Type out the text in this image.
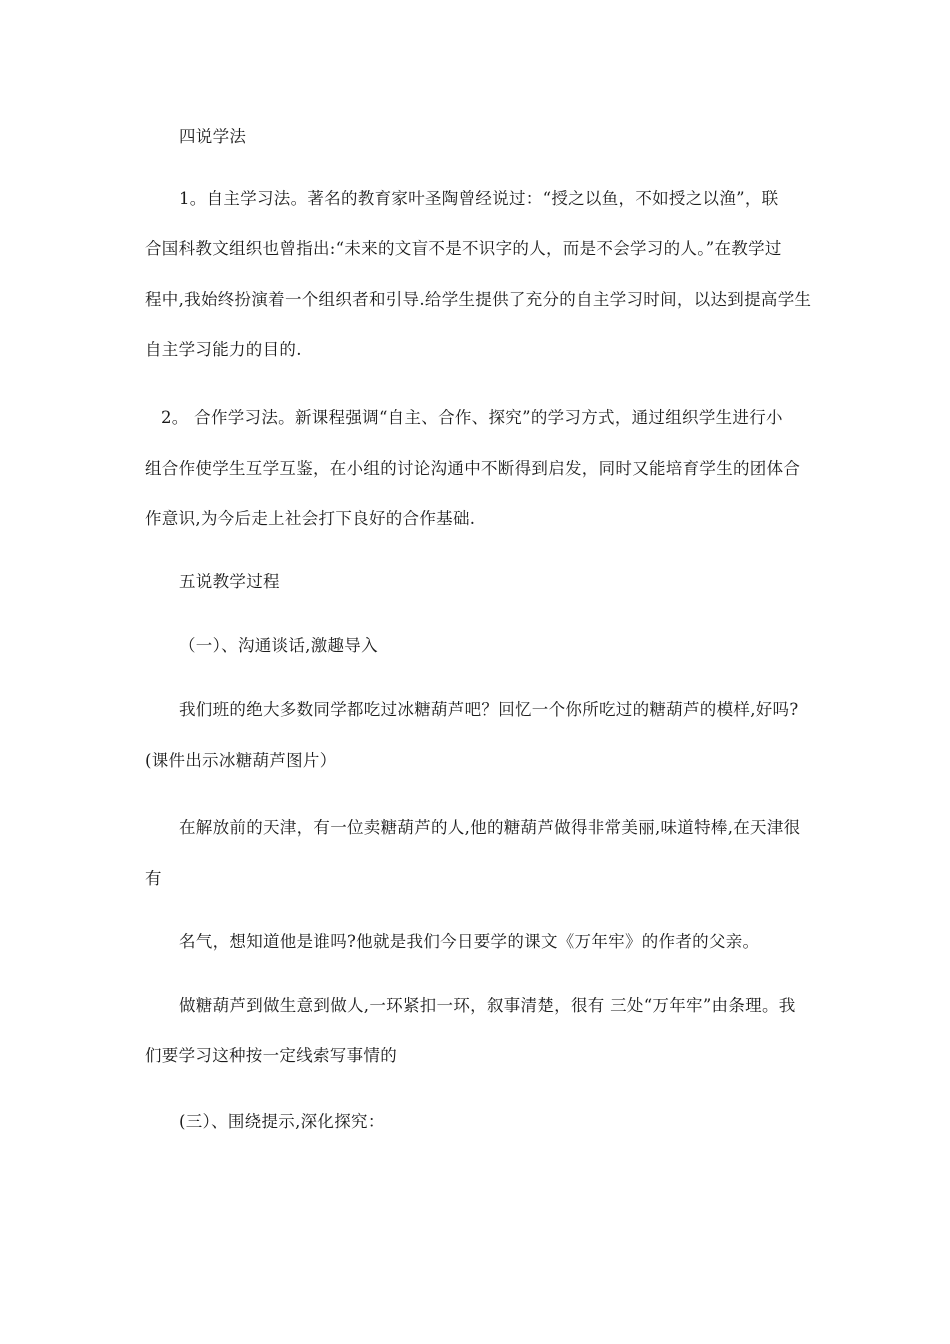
四说学法
1。自主学习法。著名的教育家叶圣陶曾经说过：“授之以鱼，不如授之以渔”，联
合国科教文组织也曾指出:“未来的文盲不是不识字的人，而是不会学习的人。”在教学过
程中,我始终扮演着一个组织者和引导.给学生提供了充分的自主学习时间，以达到提高学生
自主学习能力的目的.
2。 合作学习法。新课程强调“自主、合作、探究”的学习方式，通过组织学生进行小
组合作使学生互学互鉴，在小组的讨论沟通中不断得到启发，同时又能培育学生的团体合
作意识,为今后走上社会打下良好的合作基础.
五说教学过程
（一）、沟通谈话,激趣导入
我们班的绝大多数同学都吃过冰糖葫芦吧？回忆一个你所吃过的糖葫芦的模样,好吗?
(课件出示冰糖葫芦图片）
在解放前的天津，有一位卖糖葫芦的人,他的糖葫芦做得非常美丽,味道特棒,在天津很
有
名气，想知道他是谁吗?他就是我们今日要学的课文《万年牢》的作者的父亲。
做糖葫芦到做生意到做人,一环紧扣一环，叙事清楚，很有 三处“万年牢”由条理。我
们要学习这种按一定线索写事情的
(三）、围绕提示,深化探究：
